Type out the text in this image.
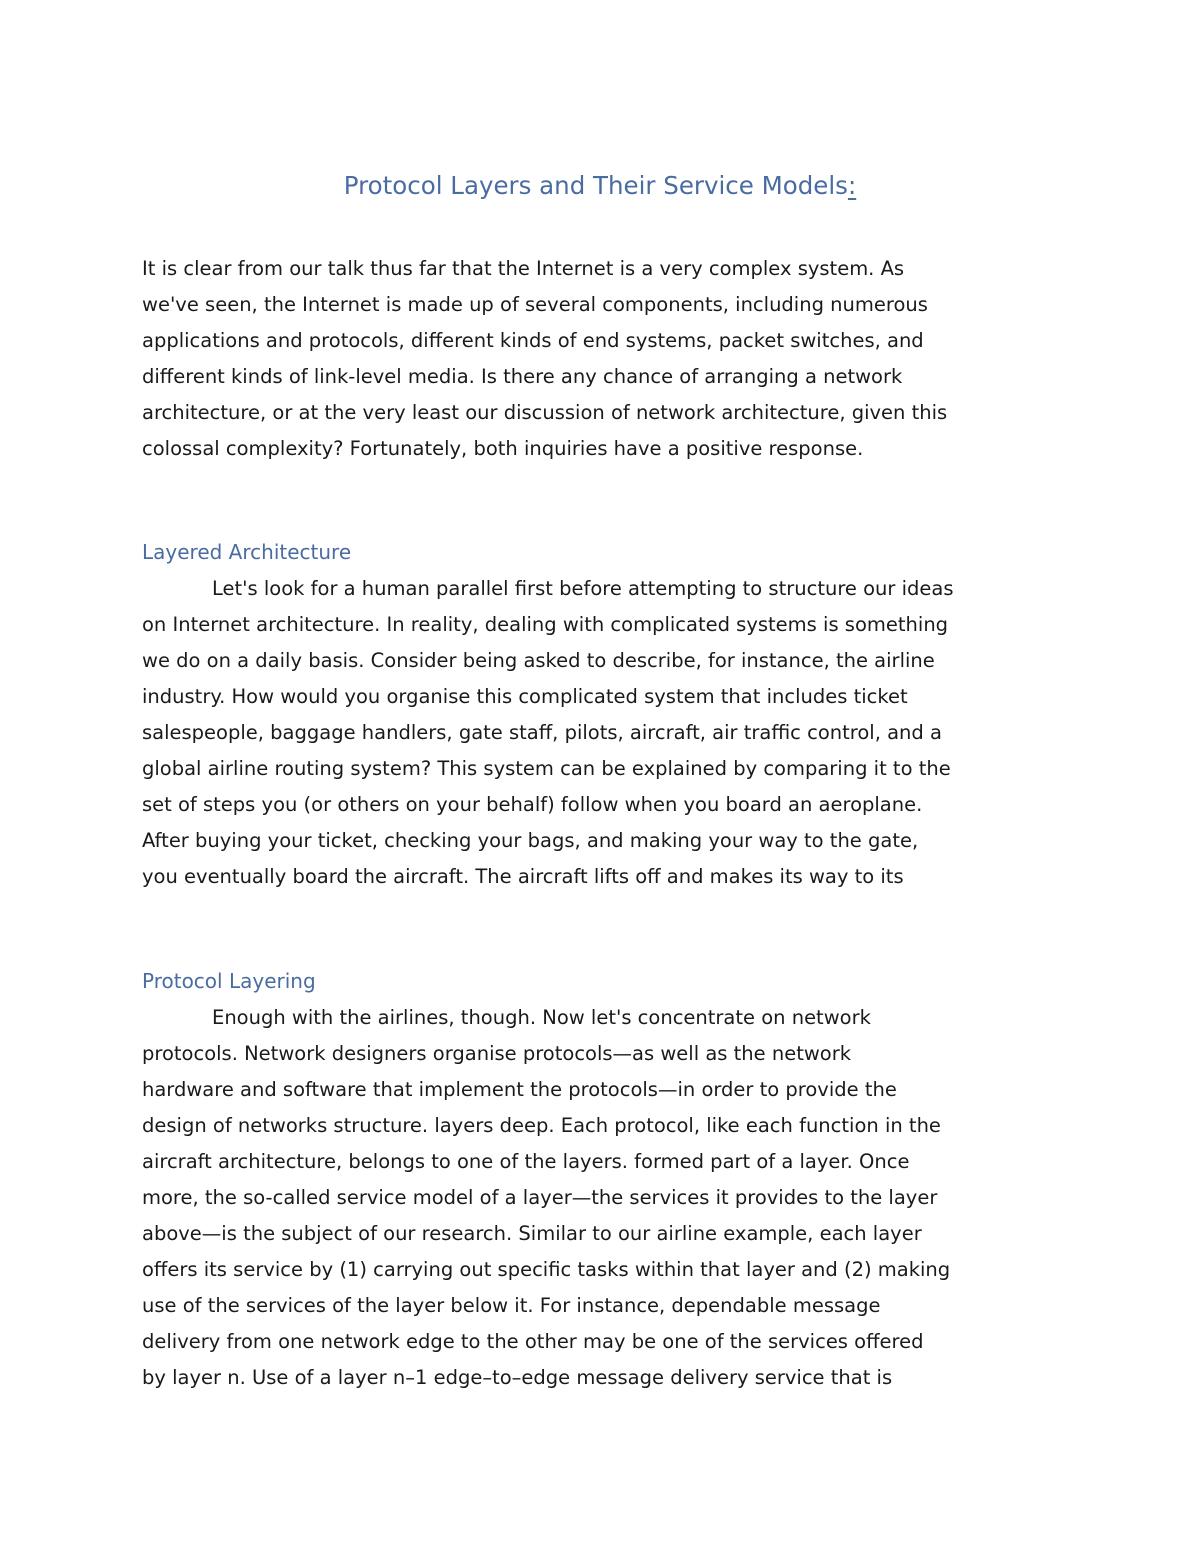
Protocol Layers and Their Service Models:
It is clear from our talk thus far that the Internet is a very complex system. As
we've seen, the Internet is made up of several components, including numerous
applications and protocols, different kinds of end systems, packet switches, and
different kinds of link-level media. Is there any chance of arranging a network
architecture, or at the very least our discussion of network architecture, given this
colossal complexity? Fortunately, both inquiries have a positive response.
Layered Architecture
Let's look for a human parallel first before attempting to structure our ideas
on Internet architecture. In reality, dealing with complicated systems is something
we do on a daily basis. Consider being asked to describe, for instance, the airline
industry. How would you organise this complicated system that includes ticket
salespeople, baggage handlers, gate staff, pilots, aircraft, air traffic control, and a
global airline routing system? This system can be explained by comparing it to the
set of steps you (or others on your behalf) follow when you board an aeroplane.
After buying your ticket, checking your bags, and making your way to the gate,
you eventually board the aircraft. The aircraft lifts off and makes its way to its
Protocol Layering
Enough with the airlines, though. Now let's concentrate on network
protocols. Network designers organise protocols—as well as the network
hardware and software that implement the protocols—in order to provide the
design of networks structure. layers deep. Each protocol, like each function in the
aircraft architecture, belongs to one of the layers. formed part of a layer. Once
more, the so-called service model of a layer—the services it provides to the layer
above—is the subject of our research. Similar to our airline example, each layer
offers its service by (1) carrying out specific tasks within that layer and (2) making
use of the services of the layer below it. For instance, dependable message
delivery from one network edge to the other may be one of the services offered
by layer n. Use of a layer n–1 edge–to–edge message delivery service that is
